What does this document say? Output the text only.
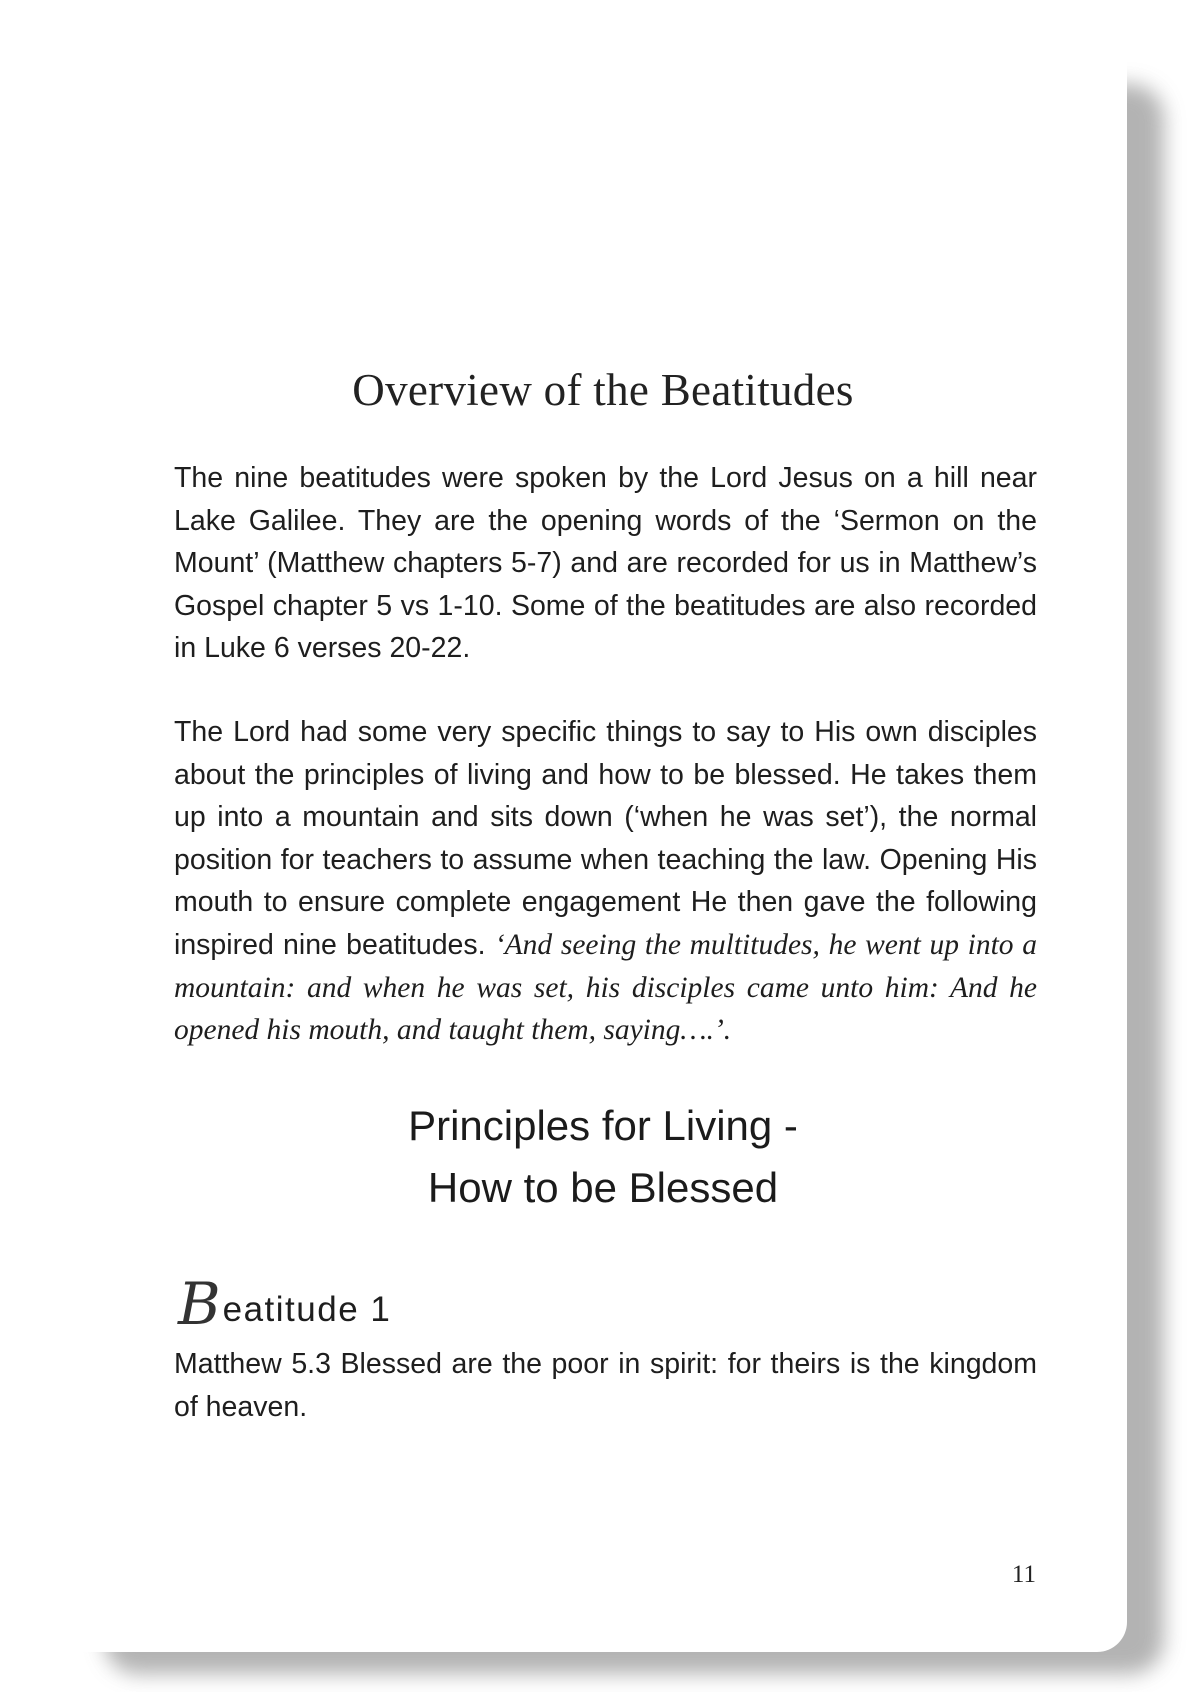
Overview of the Beatitudes

The nine beatitudes were spoken by the Lord Jesus on a hill near Lake Galilee. They are the opening words of the ‘Sermon on the Mount’ (Matthew chapters 5-7) and are recorded for us in Matthew’s Gospel chapter 5 vs 1-10. Some of the beatitudes are also recorded in Luke 6 verses 20-22.

The Lord had some very specific things to say to His own disciples about the principles of living and how to be blessed. He takes them up into a mountain and sits down (‘when he was set’), the normal position for teachers to assume when teaching the law. Opening His mouth to ensure complete engagement He then gave the following inspired nine beatitudes. ‘And seeing the multitudes, he went up into a mountain: and when he was set, his disciples came unto him: And he opened his mouth, and taught them, saying….’.

Principles for Living -
How to be Blessed
Beatitude 1

Matthew 5.3 Blessed are the poor in spirit: for theirs is the kingdom of heaven.

11
